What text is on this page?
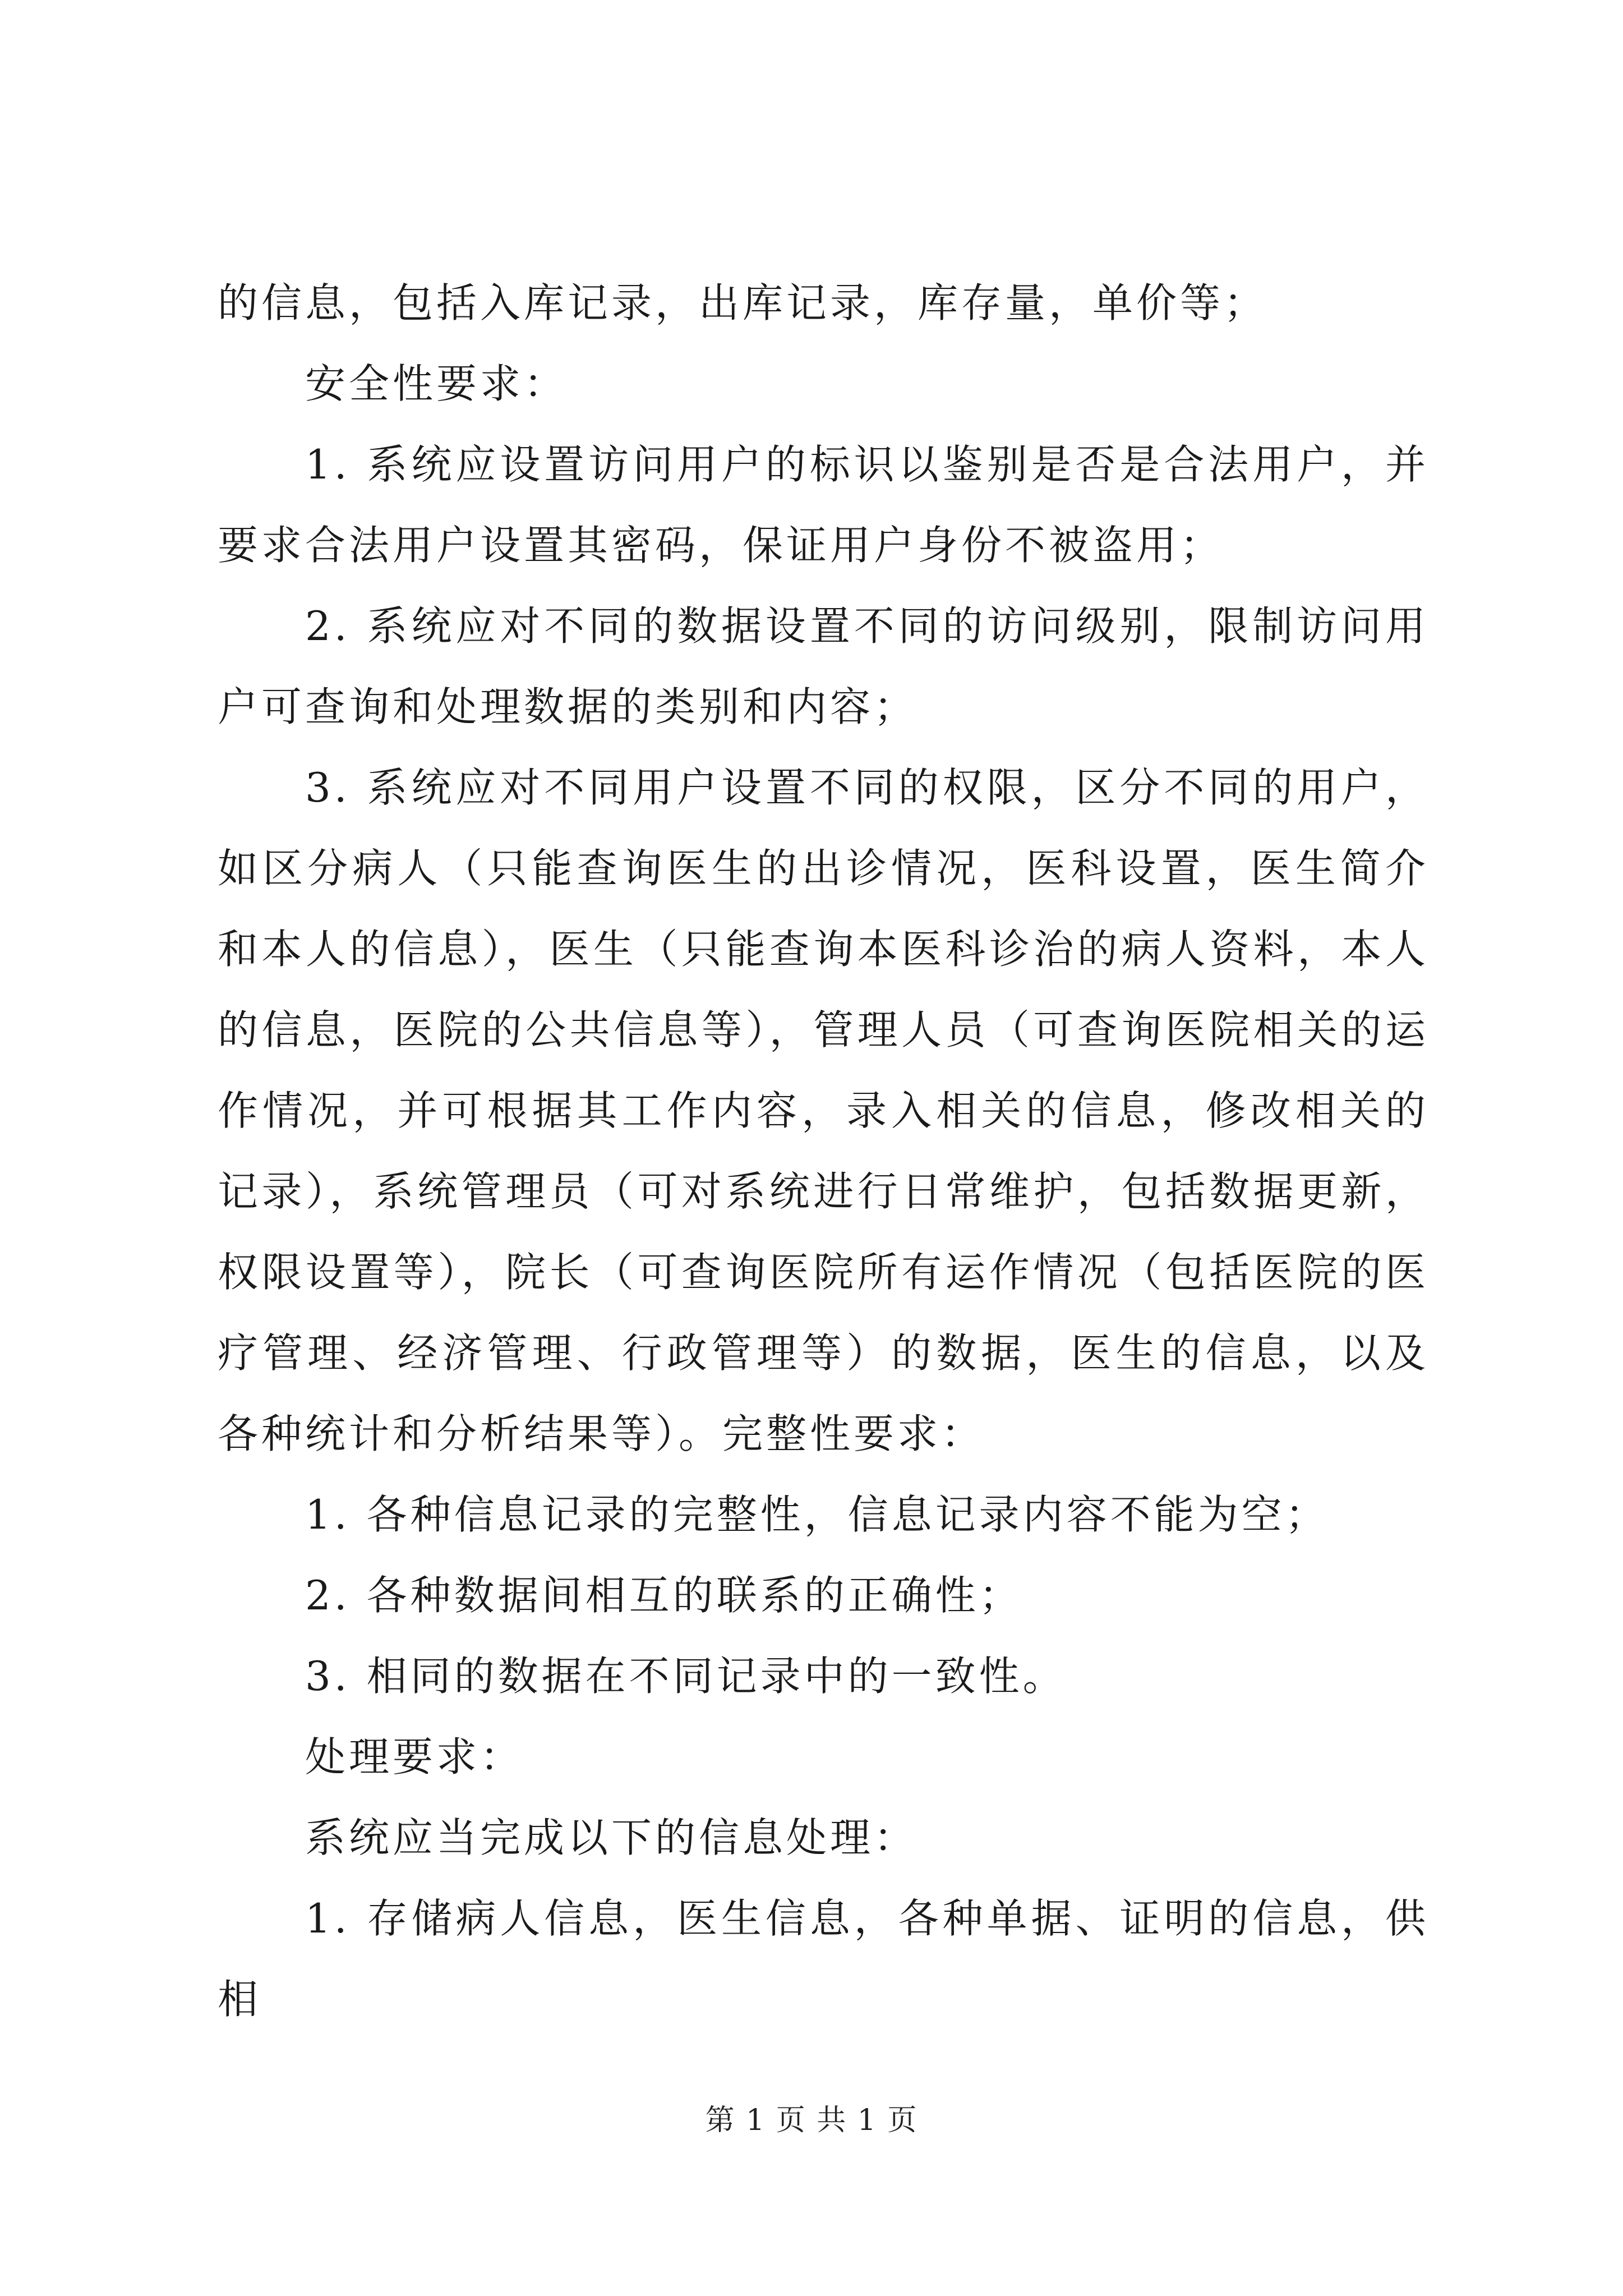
的信息，包括入库记录，出库记录，库存量，单价等；

安全性要求：

1. 系统应设置访问用户的标识以鉴别是否是合法用户，并要求合法用户设置其密码，保证用户身份不被盗用；

2. 系统应对不同的数据设置不同的访问级别，限制访问用户可查询和处理数据的类别和内容；

3. 系统应对不同用户设置不同的权限，区分不同的用户，如区分病人（只能查询医生的出诊情况，医科设置，医生简介和本人的信息），医生（只能查询本医科诊治的病人资料，本人的信息，医院的公共信息等），管理人员（可查询医院相关的运作情况，并可根据其工作内容，录入相关的信息，修改相关的记录），系统管理员（可对系统进行日常维护，包括数据更新，权限设置等），院长（可查询医院所有运作情况（包括医院的医疗管理、经济管理、行政管理等）的数据，医生的信息，以及各种统计和分析结果等）。完整性要求：

1. 各种信息记录的完整性，信息记录内容不能为空；

2. 各种数据间相互的联系的正确性；

3. 相同的数据在不同记录中的一致性。

处理要求：

系统应当完成以下的信息处理：

1. 存储病人信息，医生信息，各种单据、证明的信息，供相

第 1 页 共 1 页
